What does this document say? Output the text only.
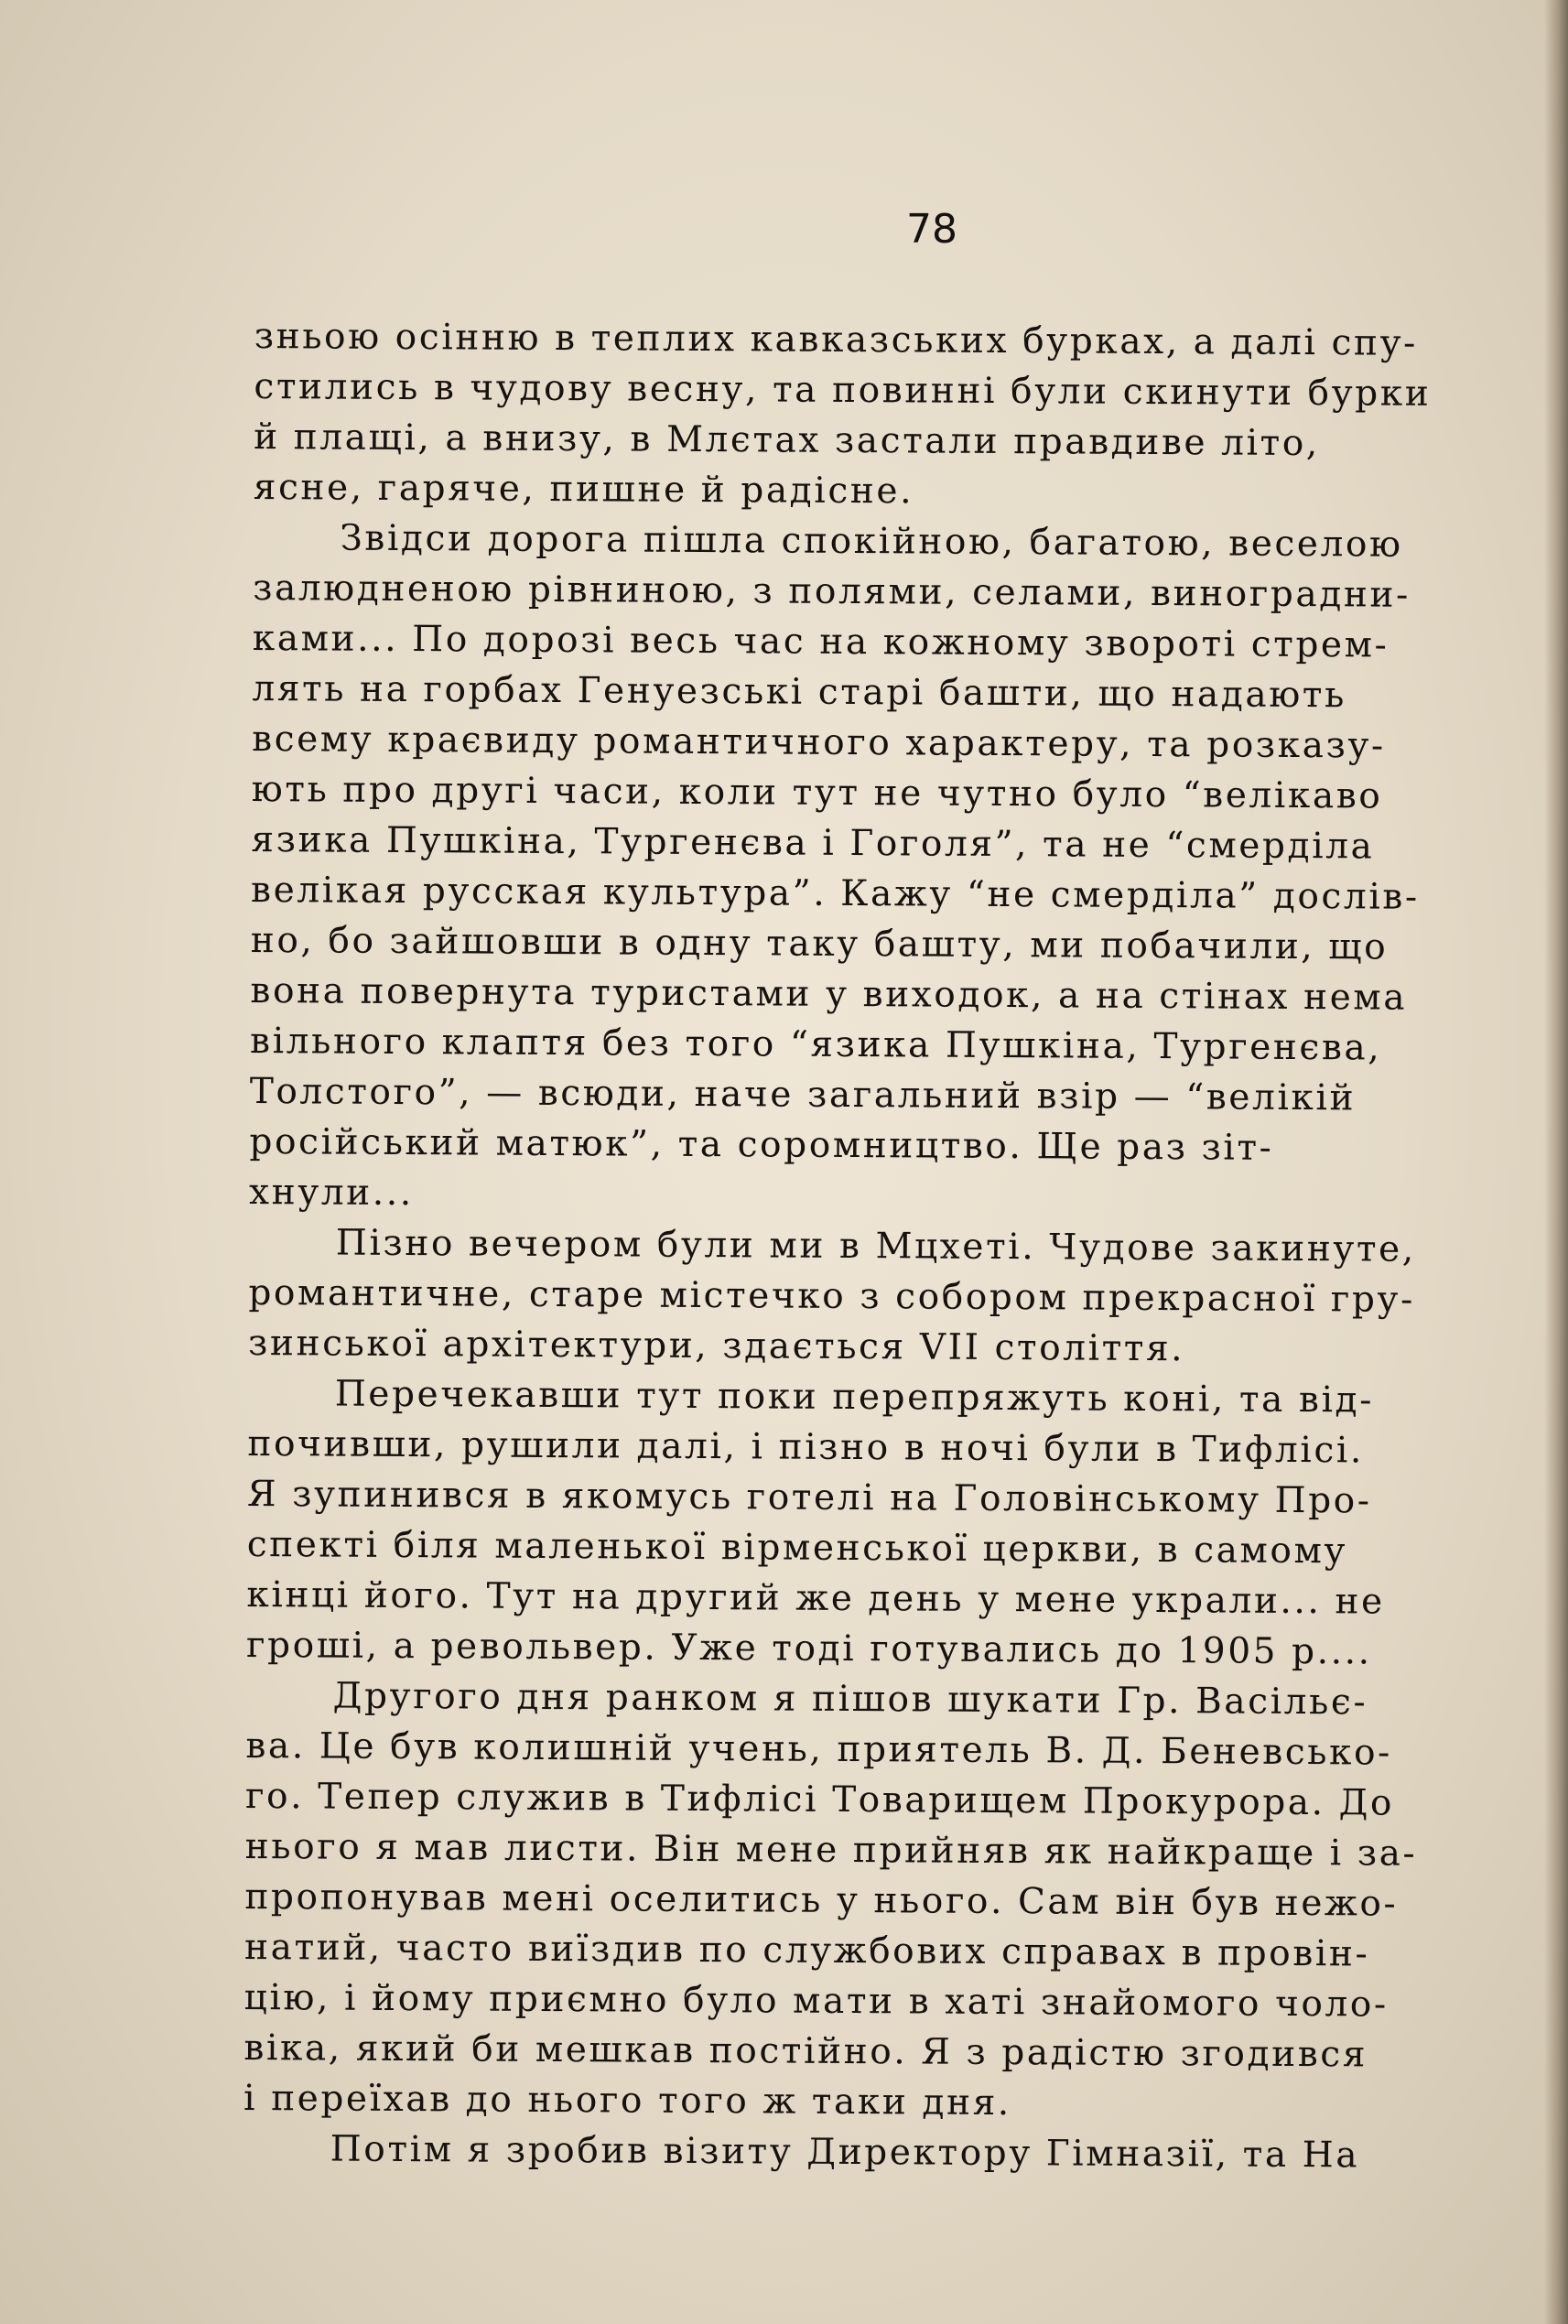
78

зньою осінню в теплих кавказських бурках, а далі спу-
стились в чудову весну, та повинні були скинути бурки
й плащі, а внизу, в Млєтах застали правдиве літо,
ясне, гаряче, пишне й радісне.

Звідси дорога пішла спокійною, багатою, веселою
залюдненою рівниною, з полями, селами, виноградни-
ками... По дорозі весь час на кожному звороті стрем-
лять на горбах Генуезські старі башти, що надають
всему краєвиду романтичного характеру, та розказу-
ють про другі часи, коли тут не чутно було “велікаво
язика Пушкіна, Тургенєва і Гоголя”, та не “смерділа
велікая русская культура”. Кажу “не смерділа” дослів-
но, бо зайшовши в одну таку башту, ми побачили, що
вона повернута туристами у виходок, а на стінах нема
вільного клаптя без того “язика Пушкіна, Тургенєва,
Толстого”, — всюди, наче загальний взір — “велікій
російський матюк”, та соромництво. Ще раз зіт-
хнули...

Пізно вечером були ми в Мцхеті. Чудове закинуте,
романтичне, старе містечко з собором прекрасної гру-
зинської архітектури, здається VII століття.

Перечекавши тут поки перепряжуть коні, та від-
почивши, рушили далі, і пізно в ночі були в Тифлісі.
Я зупинився в якомусь готелі на Головінському Про-
спекті біля маленької вірменської церкви, в самому
кінці його. Тут на другий же день у мене украли... не
гроші, а револьвер. Уже тоді готувались до 1905 р....

Другого дня ранком я пішов шукати Гр. Васільє-
ва. Це був колишній учень, приятель В. Д. Беневсько-
го. Тепер служив в Тифлісі Товарищем Прокурора. До
нього я мав листи. Він мене прийняв як найкраще і за-
пропонував мені оселитись у нього. Сам він був нежо-
натий, часто виїздив по службових справах в провін-
цію, і йому приємно було мати в хаті знайомого чоло-
віка, який би мешкав постійно. Я з радістю згодився
і переїхав до нього того ж таки дня.

Потім я зробив візиту Директору Гімназії, та На
